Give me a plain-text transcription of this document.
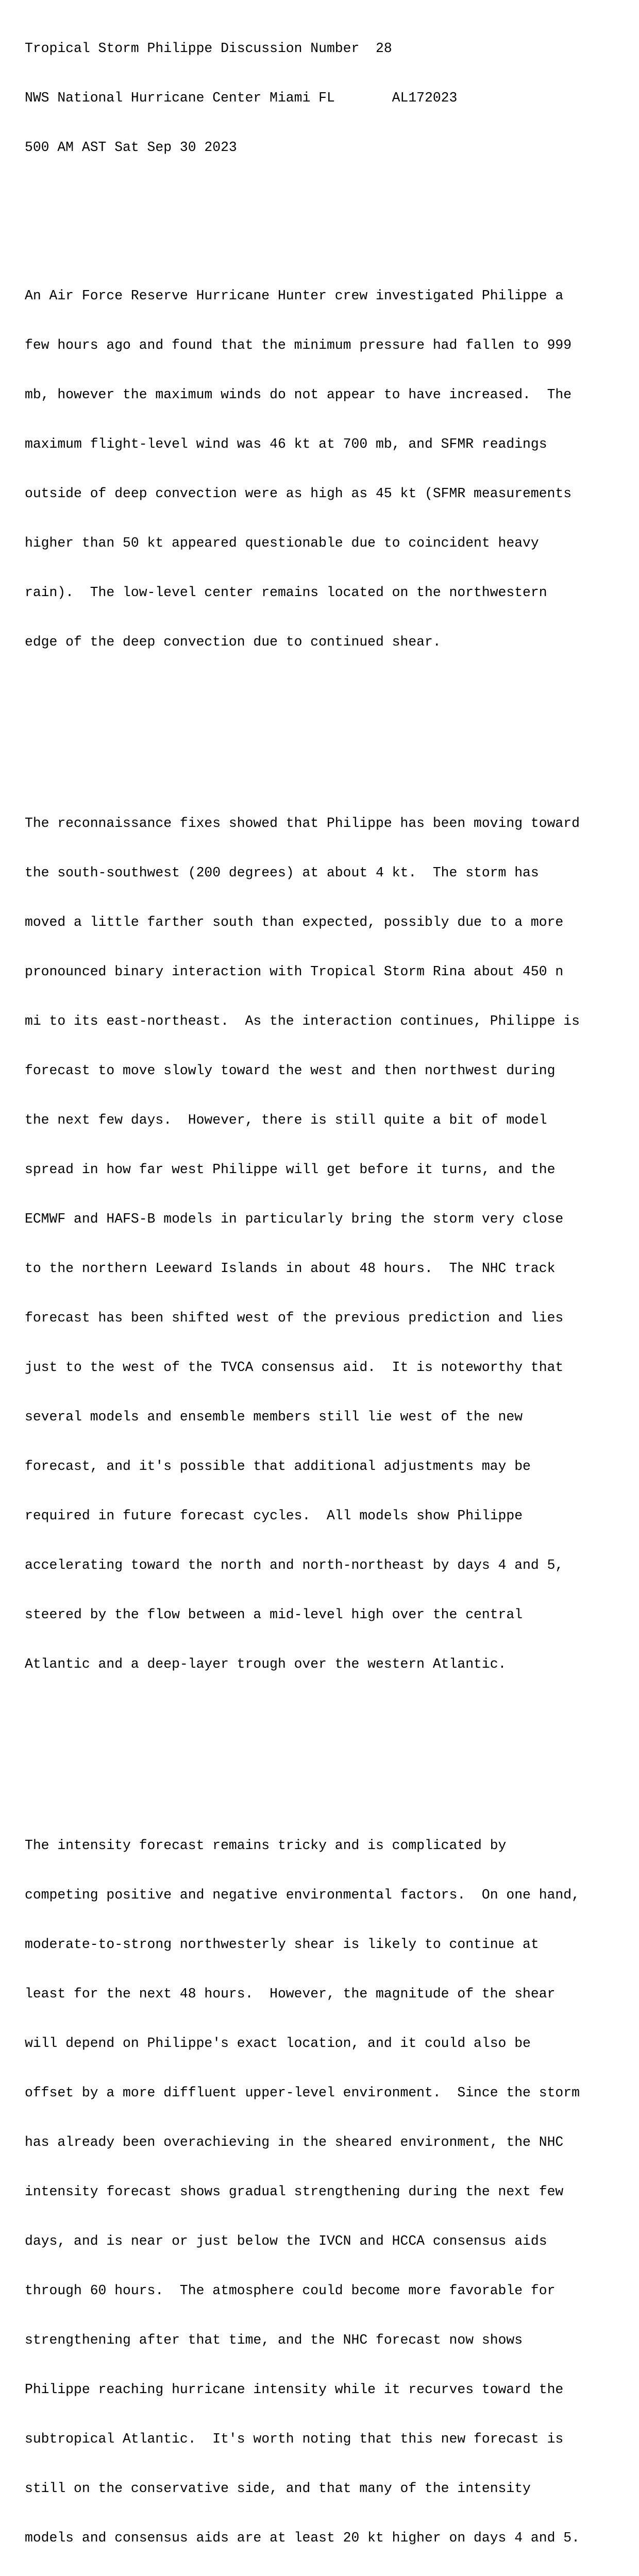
Tropical Storm Philippe Discussion Number  28

NWS National Hurricane Center Miami FL       AL172023

500 AM AST Sat Sep 30 2023

An Air Force Reserve Hurricane Hunter crew investigated Philippe a

few hours ago and found that the minimum pressure had fallen to 999

mb, however the maximum winds do not appear to have increased.  The

maximum flight-level wind was 46 kt at 700 mb, and SFMR readings

outside of deep convection were as high as 45 kt (SFMR measurements

higher than 50 kt appeared questionable due to coincident heavy

rain).  The low-level center remains located on the northwestern

edge of the deep convection due to continued shear.

The reconnaissance fixes showed that Philippe has been moving toward

the south-southwest (200 degrees) at about 4 kt.  The storm has

moved a little farther south than expected, possibly due to a more

pronounced binary interaction with Tropical Storm Rina about 450 n

mi to its east-northeast.  As the interaction continues, Philippe is

forecast to move slowly toward the west and then northwest during

the next few days.  However, there is still quite a bit of model

spread in how far west Philippe will get before it turns, and the

ECMWF and HAFS-B models in particularly bring the storm very close

to the northern Leeward Islands in about 48 hours.  The NHC track

forecast has been shifted west of the previous prediction and lies

just to the west of the TVCA consensus aid.  It is noteworthy that

several models and ensemble members still lie west of the new

forecast, and it's possible that additional adjustments may be

required in future forecast cycles.  All models show Philippe

accelerating toward the north and north-northeast by days 4 and 5,

steered by the flow between a mid-level high over the central

Atlantic and a deep-layer trough over the western Atlantic.

The intensity forecast remains tricky and is complicated by

competing positive and negative environmental factors.  On one hand,

moderate-to-strong northwesterly shear is likely to continue at

least for the next 48 hours.  However, the magnitude of the shear

will depend on Philippe's exact location, and it could also be

offset by a more diffluent upper-level environment.  Since the storm

has already been overachieving in the sheared environment, the NHC

intensity forecast shows gradual strengthening during the next few

days, and is near or just below the IVCN and HCCA consensus aids

through 60 hours.  The atmosphere could become more favorable for

strengthening after that time, and the NHC forecast now shows

Philippe reaching hurricane intensity while it recurves toward the

subtropical Atlantic.  It's worth noting that this new forecast is

still on the conservative side, and that many of the intensity

models and consensus aids are at least 20 kt higher on days 4 and 5.
